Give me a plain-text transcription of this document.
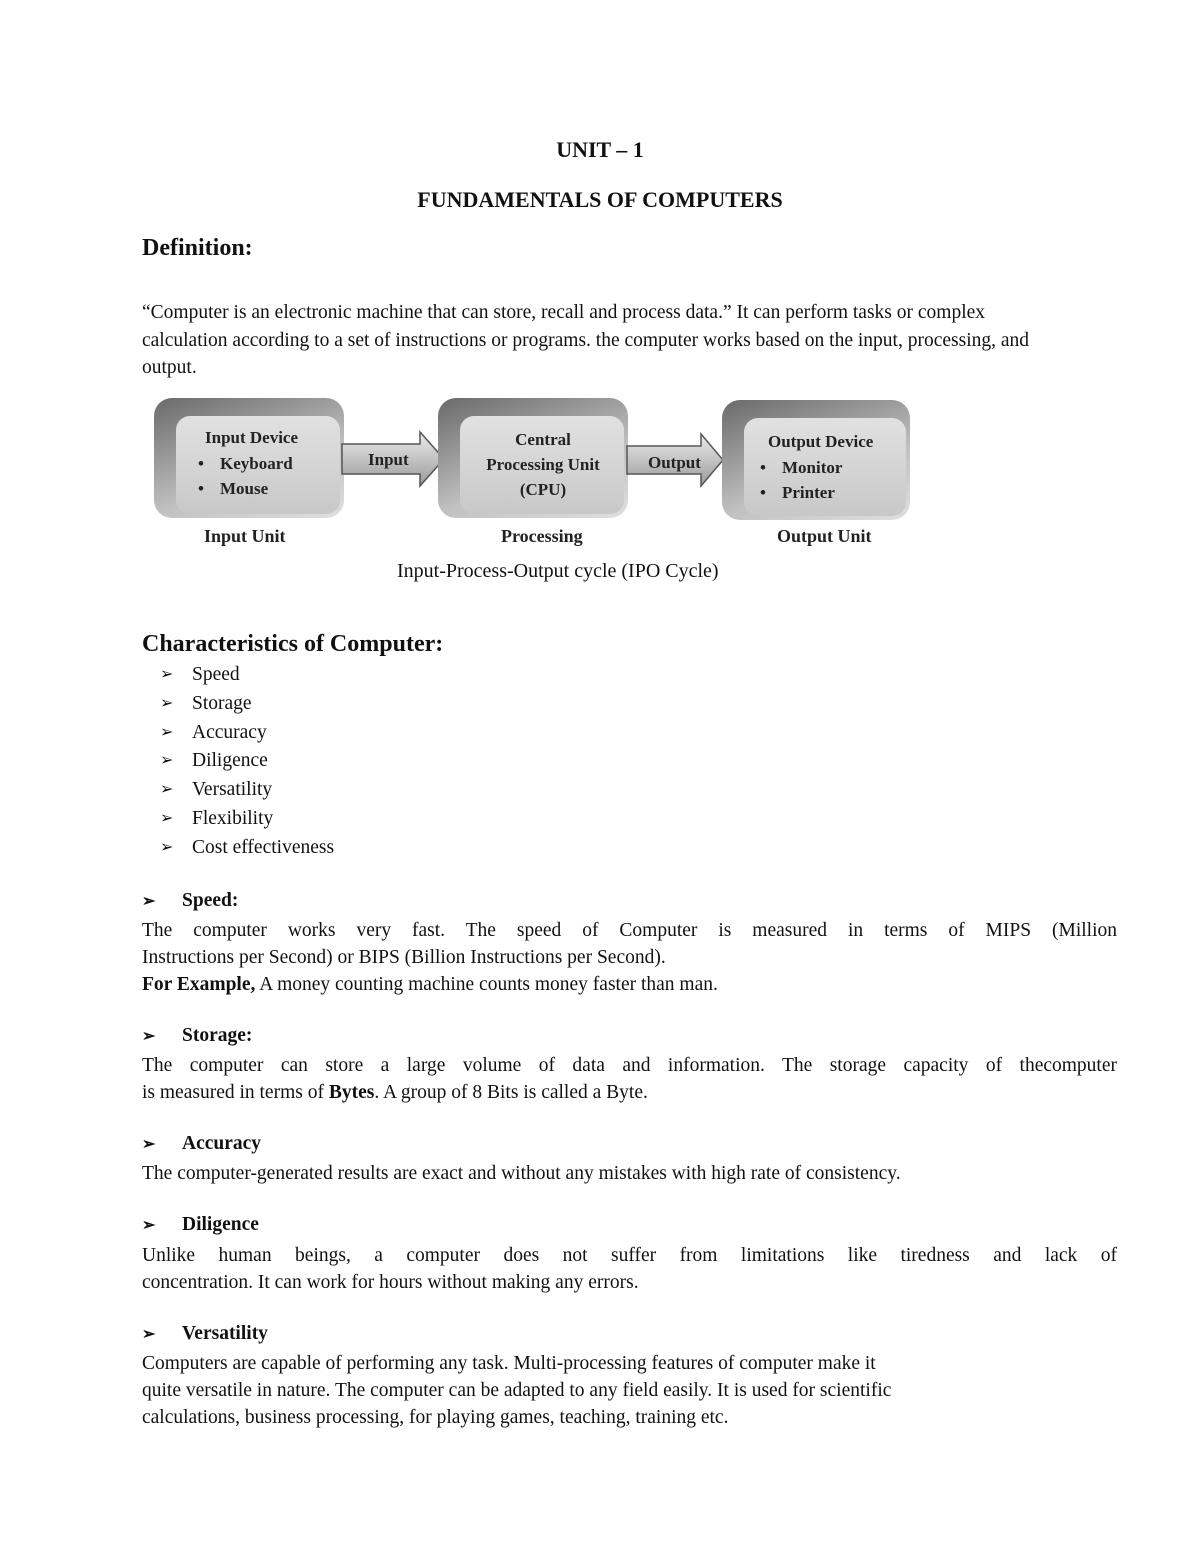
UNIT – 1
FUNDAMENTALS OF COMPUTERS
Definition:
“Computer is an electronic machine that can store, recall and process data.” It can perform tasks or complex calculation according to a set of instructions or programs. the computer works based on the input, processing, and output.
Input Device
• Keyboard
• Mouse
Input
Central
Processing Unit
(CPU)
Output
Output Device
• Monitor
• Printer
Input Unit	Processing	Output Unit
Input-Process-Output cycle (IPO Cycle)
Characteristics of Computer:
➢ Speed
➢ Storage
➢ Accuracy
➢ Diligence
➢ Versatility
➢ Flexibility
➢ Cost effectiveness
➢	Speed:
The computer works very fast. The speed of Computer is measured in terms of MIPS (Million
Instructions per Second) or BIPS (Billion Instructions per Second).
For Example, A money counting machine counts money faster than man.
➢	Storage:
The computer can store a large volume of data and information. The storage capacity of thecomputer
is measured in terms of Bytes. A group of 8 Bits is called a Byte.
➢	Accuracy
The computer-generated results are exact and without any mistakes with high rate of consistency.
➢	Diligence
Unlike human beings, a computer does not suffer from limitations like tiredness and lack of
concentration. It can work for hours without making any errors.
➢	Versatility
Computers are capable of performing any task. Multi-processing features of computer make it
quite versatile in nature. The computer can be adapted to any field easily. It is used for scientific
calculations, business processing, for playing games, teaching, training etc.
